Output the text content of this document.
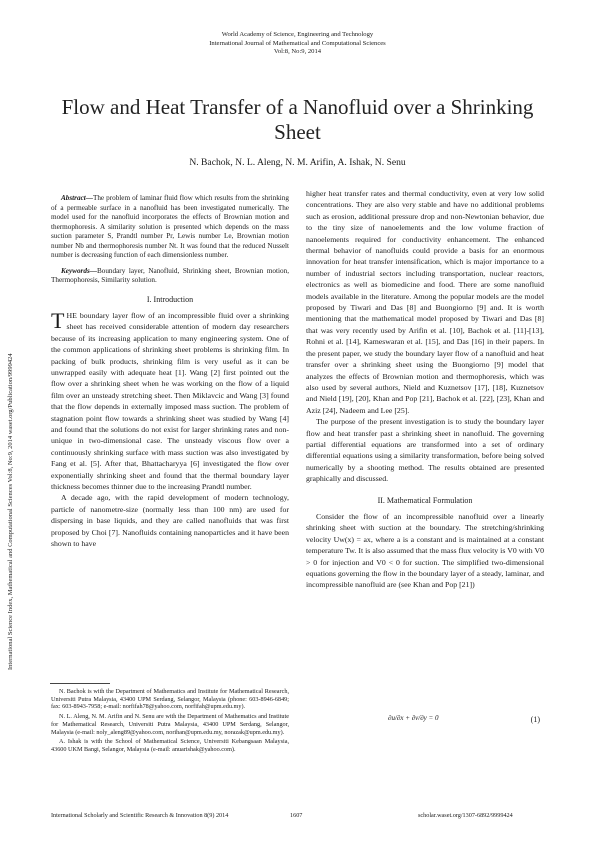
World Academy of Science, Engineering and Technology
International Journal of Mathematical and Computational Sciences
Vol:8, No:9, 2014
Flow and Heat Transfer of a Nanofluid over a Shrinking Sheet
N. Bachok, N. L. Aleng, N. M. Arifin, A. Ishak, N. Senu
International Science Index, Mathematical and Computational Sciences Vol:8, No:9, 2014 waset.org/Publication/9999424

Abstract—The problem of laminar fluid flow which results from the shrinking of a permeable surface in a nanofluid has been investigated numerically. The model used for the nanofluid incorporates the effects of Brownian motion and thermophoresis. A similarity solution is presented which depends on the mass suction parameter S, Prandtl number Pr, Lewis number Le, Brownian motion number Nb and thermophoresis number Nt. It was found that the reduced Nusselt number is decreasing function of each dimensionless number.

Keywords—Boundary layer, Nanofluid, Shrinking sheet, Brownian motion, Thermophoresis, Similarity solution.

I. Introduction

THE boundary layer flow of an incompressible fluid over a shrinking sheet has received considerable attention of modern day researchers because of its increasing application to many engineering system. One of the common applications of shrinking sheet problems is shrinking film. In packing of bulk products, shrinking film is very useful as it can be unwrapped easily with adequate heat [1]. Wang [2] first pointed out the flow over a shrinking sheet when he was working on the flow of a liquid film over an unsteady stretching sheet. Then Miklavcic and Wang [3] found that the flow depends in externally imposed mass suction. The problem of stagnation point flow towards a shrinking sheet was studied by Wang [4] and found that the solutions do not exist for larger shrinking rates and non-unique in two-dimensional case. The unsteady viscous flow over a continuously shrinking surface with mass suction was also investigated by Fang et al. [5]. After that, Bhattacharyya [6] investigated the flow over exponentially shrinking sheet and found that the thermal boundary layer thickness becomes thinner due to the increasing Prandtl number.

A decade ago, with the rapid development of modern technology, particle of nanometre-size (normally less than 100 nm) are used for dispersing in base liquids, and they are called nanofluids that was first proposed by Choi [7]. Nanofluids containing nanoparticles and it have been shown to have

N. Bachok is with the Department of Mathematics and Institute for Mathematical Research, Universiti Putra Malaysia, 43400 UPM Serdang, Selangor, Malaysia (phone: 603-8946-6849; fax: 603-8943-7958; e-mail: norfifah78@yahoo.com, norfifah@upm.edu.my).

N. L. Aleng, N. M. Arifin and N. Senu are with the Department of Mathematics and Institute for Mathematical Research, Universiti Putra Malaysia, 43400 UPM Serdang, Selangor, Malaysia (e-mail: noly_aleng89@yahoo.com, norihan@upm.edu.my, norazak@upm.edu.my).

A. Ishak is with the School of Mathematical Science, Universiti Kebangsaan Malaysia, 43600 UKM Bangi, Selangor, Malaysia (e-mail: anuarishak@yahoo.com).

higher heat transfer rates and thermal conductivity, even at very low solid concentrations. They are also very stable and have no additional problems such as erosion, additional pressure drop and non-Newtonian behavior, due to the tiny size of nanoelements and the low volume fraction of nanoelements required for conductivity enhancement. The enhanced thermal behavior of nanofluids could provide a basis for an enormous innovation for heat transfer intensification, which is major importance to a number of industrial sectors including transportation, nuclear reactors, electronics as well as biomedicine and food. There are some nanofluid models available in the literature. Among the popular models are the model proposed by Tiwari and Das [8] and Buongiorno [9] and. It is worth mentioning that the mathematical model proposed by Tiwari and Das [8] that was very recently used by Arifin et al. [10], Bachok et al. [11]-[13], Rohni et al. [14], Kameswaran et al. [15], and Das [16] in their papers. In the present paper, we study the boundary layer flow of a nanofluid and heat transfer over a shrinking sheet using the Buongiorno [9] model that analyzes the effects of Brownian motion and thermophoresis, which was also used by several authors, Nield and Kuznetsov [17], [18], Kuznetsov and Nield [19], [20], Khan and Pop [21], Bachok et al. [22], [23], Khan and Aziz [24], Nadeem and Lee [25].

The purpose of the present investigation is to study the boundary layer flow and heat transfer past a shrinking sheet in nanofluid. The governing partial differential equations are transformed into a set of ordinary differential equations using a similarity transformation, before being solved numerically by a shooting method. The results obtained are presented graphically and discussed.

II. Mathematical Formulation

Consider the flow of an incompressible nanofluid over a linearly shrinking sheet with suction at the boundary. The stretching/shrinking velocity Uw(x) = ax, where a is a constant and is maintained at a constant temperature Tw. It is also assumed that the mass flux velocity is V0 with V0 > 0 for injection and V0 < 0 for suction. The simplified two-dimensional equations governing the flow in the boundary layer of a steady, laminar, and incompressible nanofluid are (see Khan and Pop [21])

∂u/∂x + ∂v/∂y = 0	(1)
International Scholarly and Scientific Research & Innovation 8(9) 2014	1607	scholar.waset.org/1307-6892/9999424
